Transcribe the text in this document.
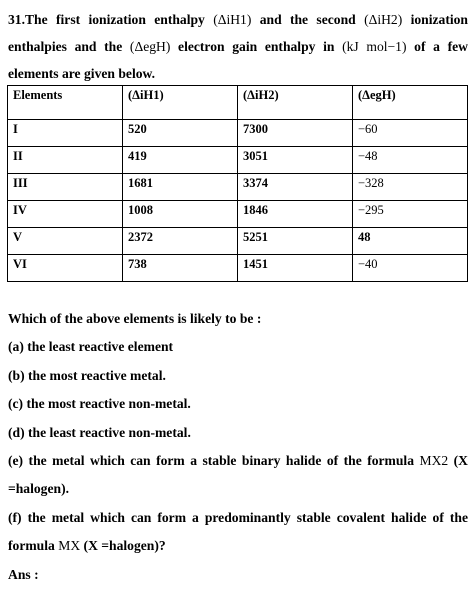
31.The first ionization enthalpy (ΔiH1) and the second (ΔiH2) ionization enthalpies and the (ΔegH) electron gain enthalpy in (kJ mol−1) of a few elements are given below.
Elements	(ΔiH1)	(ΔiH2)	(ΔegH)
I	520	7300	−60
II	419	3051	−48
III	1681	3374	−328
IV	1008	1846	−295
V	2372	5251	48
VI	738	1451	−40
Which of the above elements is likely to be :
(a) the least reactive element
(b) the most reactive metal.
(c) the most reactive non-metal.
(d) the least reactive non-metal.
(e) the metal which can form a stable binary halide of the formula MX2 (X =halogen).
(f) the metal which can form a predominantly stable covalent halide of the formula MX (X =halogen)?
Ans :
